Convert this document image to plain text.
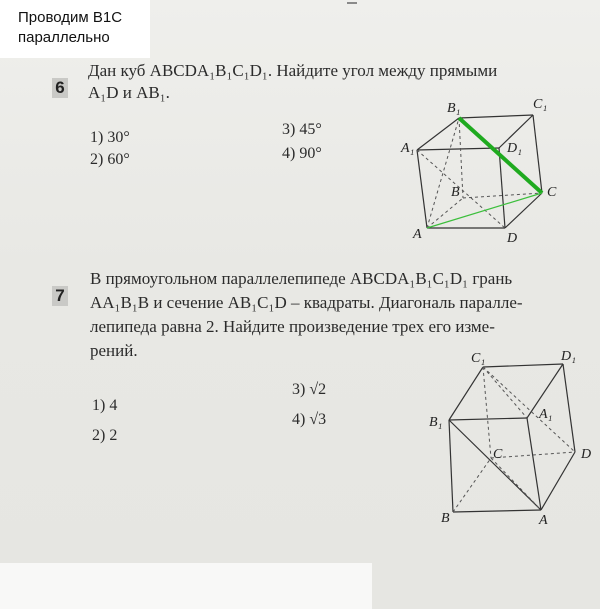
6
Дан куб ABCDA₁B₁C₁D₁. Найдите угол между прямыми
A₁D и AB₁.
1) 30°
2) 60°
3) 45°
4) 90°
B₁	C₁
A₁	D₁
B	C
A	D
7
В прямоугольном параллелепипеде ABCDA₁B₁C₁D₁ грань
AA₁B₁B и сечение AB₁C₁D – квадраты. Диагональ паралле-
лепипеда равна 2. Найдите произведение трех его изме-
рений.
1) 4
2) 2
3) √2
4) √3
C₁	D₁
B₁
A₁
C	D
B	A
Проводим В1С
параллельно
